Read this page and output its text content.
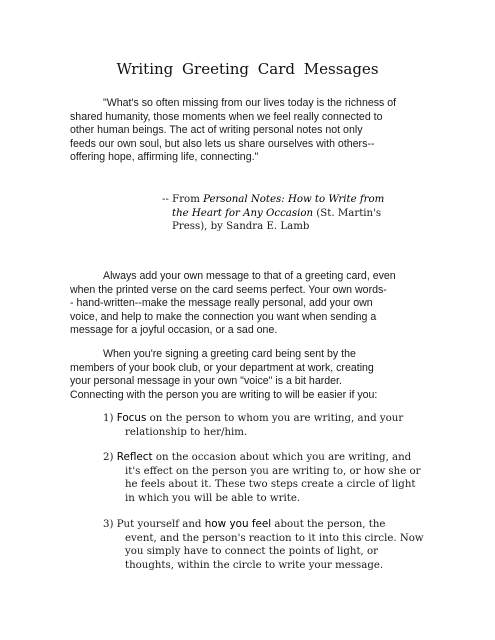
Writing Greeting Card Messages
"What's so often missing from our lives today is the richness of
shared humanity, those moments when we feel really connected to
other human beings. The act of writing personal notes not only
feeds our own soul, but also lets us share ourselves with others--
offering hope, affirming life, connecting."
-- From Personal Notes: How to Write from
the Heart for Any Occasion (St. Martin's
Press), by Sandra E. Lamb
Always add your own message to that of a greeting card, even
when the printed verse on the card seems perfect. Your own words-
- hand-written--make the message really personal, add your own
voice, and help to make the connection you want when sending a
message for a joyful occasion, or a sad one.
When you're signing a greeting card being sent by the
members of your book club, or your department at work, creating
your personal message in your own "voice" is a bit harder.
Connecting with the person you are writing to will be easier if you:
1) Focus on the person to whom you are writing, and your
relationship to her/him.
2) Reflect on the occasion about which you are writing, and
it's effect on the person you are writing to, or how she or
he feels about it. These two steps create a circle of light
in which you will be able to write.
3) Put yourself and how you feel about the person, the
event, and the person's reaction to it into this circle. Now
you simply have to connect the points of light, or
thoughts, within the circle to write your message.
